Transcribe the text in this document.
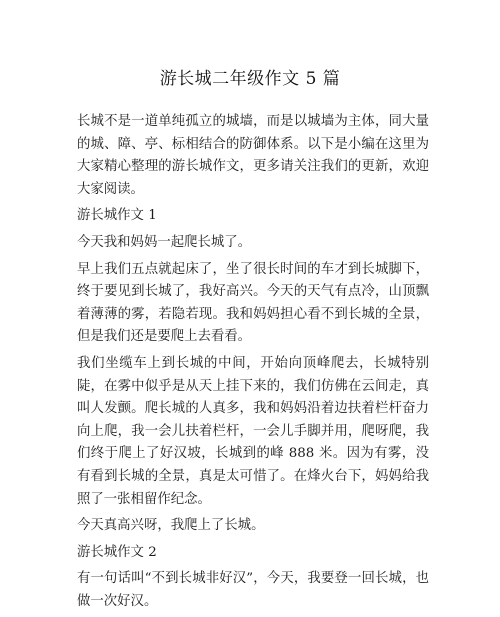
游长城二年级作文 5 篇

长城不是一道单纯孤立的城墙，而是以城墙为主体，同大量的城、障、亭、标相结合的防御体系。以下是小编在这里为大家精心整理的游长城作文，更多请关注我们的更新，欢迎大家阅读。

游长城作文 1

今天我和妈妈一起爬长城了。

早上我们五点就起床了，坐了很长时间的车才到长城脚下，终于要见到长城了，我好高兴。今天的天气有点冷，山顶飘着薄薄的雾，若隐若现。我和妈妈担心看不到长城的全景，但是我们还是要爬上去看看。

我们坐缆车上到长城的中间，开始向顶峰爬去，长城特别陡，在雾中似乎是从天上挂下来的，我们仿佛在云间走，真叫人发颤。爬长城的人真多，我和妈妈沿着边扶着栏杆奋力向上爬，我一会儿扶着栏杆，一会儿手脚并用，爬呀爬，我们终于爬上了好汉坡，长城到的峰 888 米。因为有雾，没有看到长城的全景，真是太可惜了。在烽火台下，妈妈给我照了一张相留作纪念。

今天真高兴呀，我爬上了长城。

游长城作文 2

有一句话叫“不到长城非好汉”，今天，我要登一回长城，也做一次好汉。
